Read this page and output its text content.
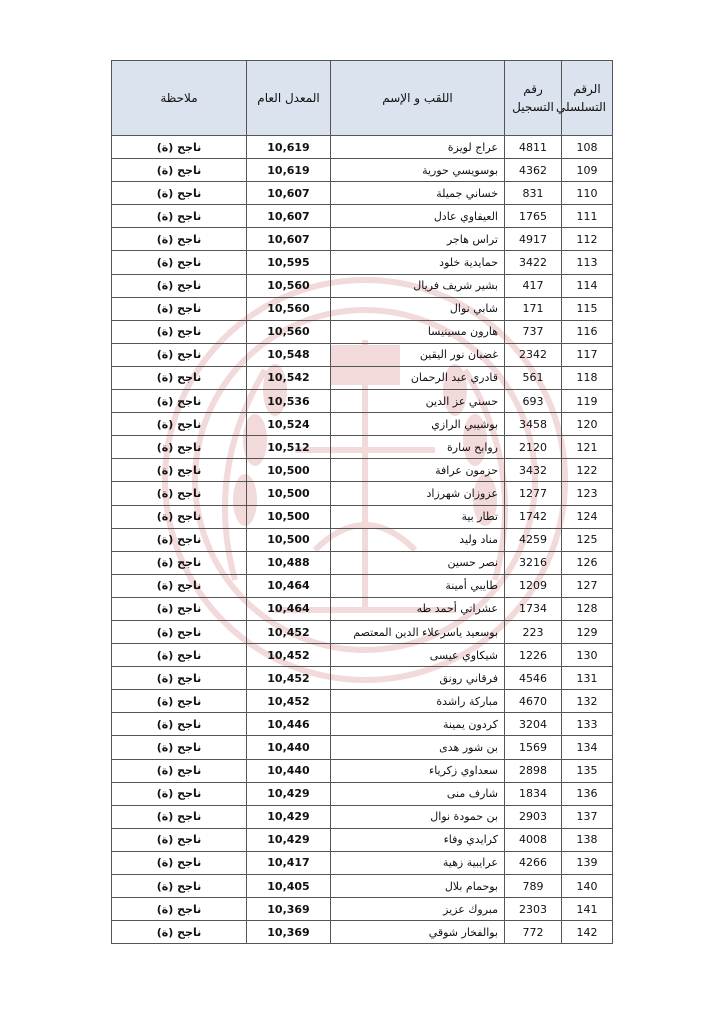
الرقم التسلسلي	رقم التسجيل	اللقب و الإسم	المعدل العام	ملاحظة
108	4811	عراج لويزة	10,619	ناجح (ة)
109	4362	بوسويسي حورية	10,619	ناجح (ة)
110	831	خساني جميلة	10,607	ناجح (ة)
111	1765	العيفاوي عادل	10,607	ناجح (ة)
112	4917	تراس هاجر	10,607	ناجح (ة)
113	3422	حمايدية خلود	10,595	ناجح (ة)
114	417	بشير شريف فريال	10,560	ناجح (ة)
115	171	شابي نوال	10,560	ناجح (ة)
116	737	هارون مسينيسا	10,560	ناجح (ة)
117	2342	غضبان نور اليقين	10,548	ناجح (ة)
118	561	قادري عبد الرحمان	10,542	ناجح (ة)
119	693	حسني عز الدين	10,536	ناجح (ة)
120	3458	بوشيبي الرازي	10,524	ناجح (ة)
121	2120	روابح سارة	10,512	ناجح (ة)
122	3432	حزمون عرافة	10,500	ناجح (ة)
123	1277	عزوزان شهرزاد	10,500	ناجح (ة)
124	1742	تطار بية	10,500	ناجح (ة)
125	4259	مناد وليد	10,500	ناجح (ة)
126	3216	نصر حسين	10,488	ناجح (ة)
127	1209	طايبي أمينة	10,464	ناجح (ة)
128	1734	عشراتي أحمد طه	10,464	ناجح (ة)
129	223	بوسعيد ياسرعلاء الدين المعتصم	10,452	ناجح (ة)
130	1226	شيكاوي عيسى	10,452	ناجح (ة)
131	4546	فرقاني رونق	10,452	ناجح (ة)
132	4670	مباركة راشدة	10,452	ناجح (ة)
133	3204	كردون يمينة	10,446	ناجح (ة)
134	1569	بن شور هدى	10,440	ناجح (ة)
135	2898	سعداوي زكرياء	10,440	ناجح (ة)
136	1834	شارف منى	10,429	ناجح (ة)
137	2903	بن حمودة نوال	10,429	ناجح (ة)
138	4008	كرايدي وفاء	10,429	ناجح (ة)
139	4266	عرايبية زهية	10,417	ناجح (ة)
140	789	بوحمام بلال	10,405	ناجح (ة)
141	2303	مبروك عزيز	10,369	ناجح (ة)
142	772	بوالفخار شوقي	10,369	ناجح (ة)
